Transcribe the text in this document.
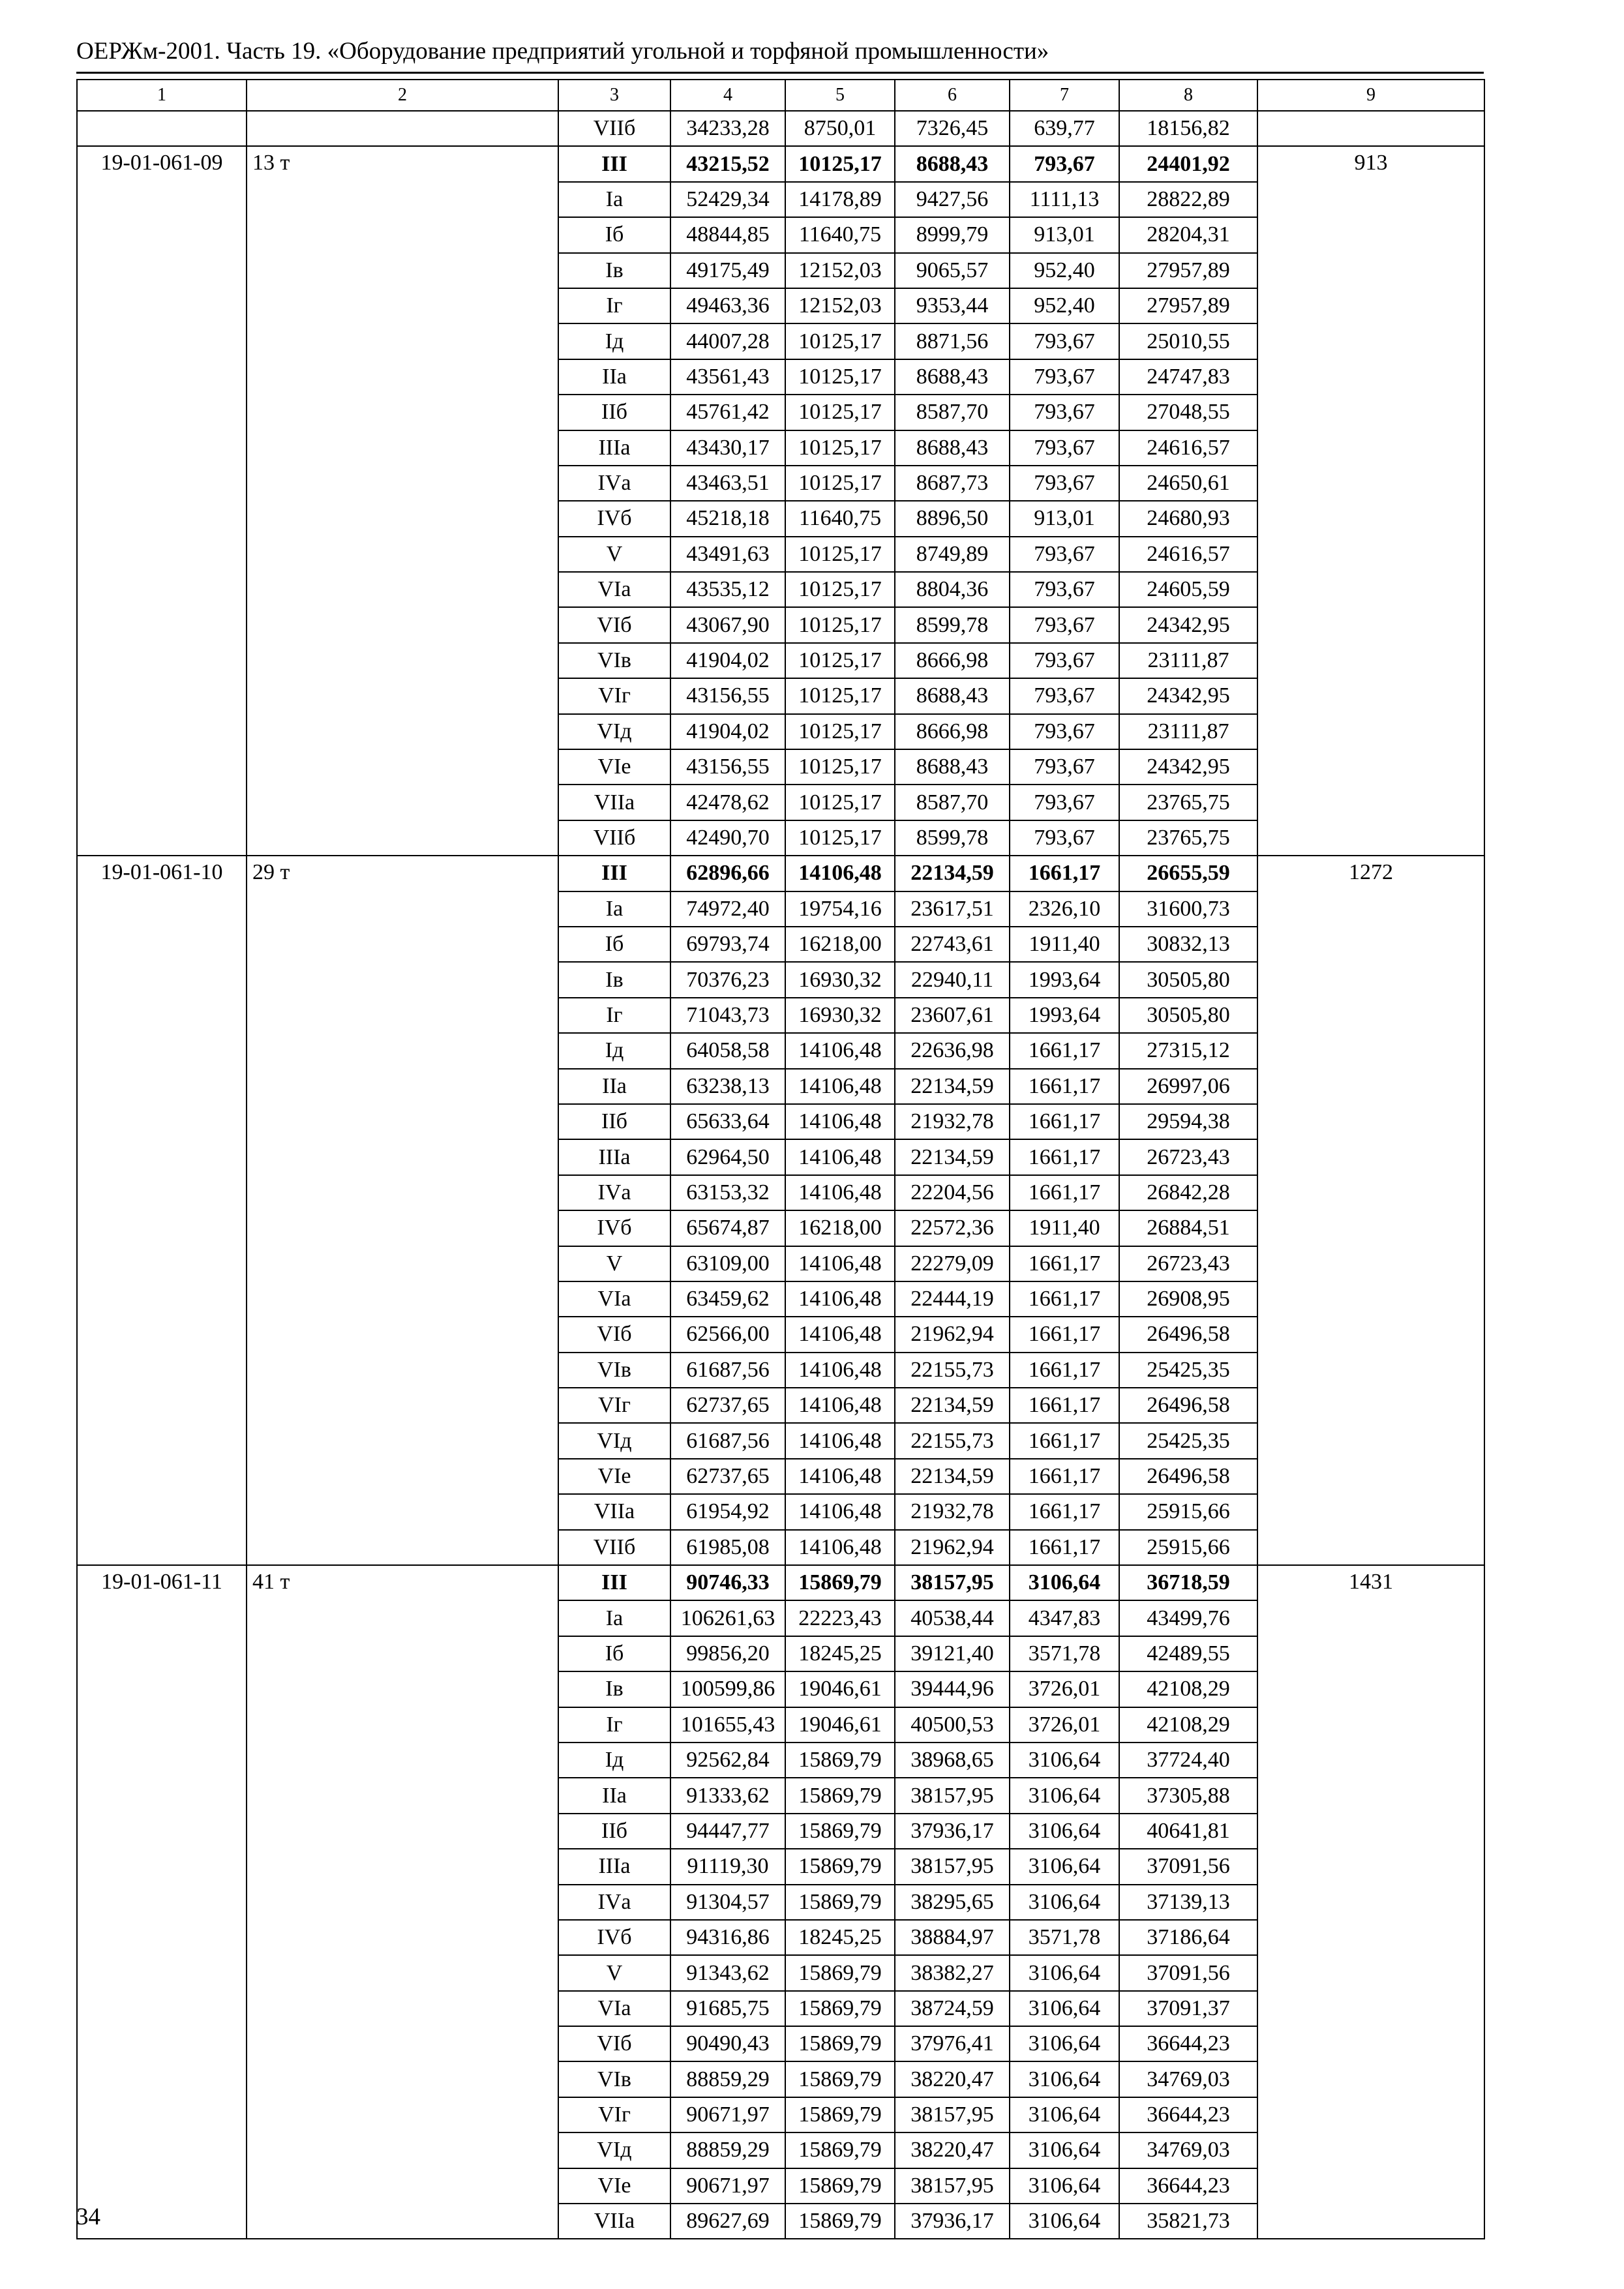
ОЕРЖм-2001. Часть 19. «Оборудование предприятий угольной и торфяной промышленности»
1	2	3	4	5	6	7	8	9
		VIIб	34233,28	8750,01	7326,45	639,77	18156,82	
19-01-061-09	13 т	III	43215,52	10125,17	8688,43	793,67	24401,92	913
		Iа	52429,34	14178,89	9427,56	1111,13	28822,89	
		Iб	48844,85	11640,75	8999,79	913,01	28204,31	
		Iв	49175,49	12152,03	9065,57	952,40	27957,89	
		Iг	49463,36	12152,03	9353,44	952,40	27957,89	
		Iд	44007,28	10125,17	8871,56	793,67	25010,55	
		IIа	43561,43	10125,17	8688,43	793,67	24747,83	
		IIб	45761,42	10125,17	8587,70	793,67	27048,55	
		IIIа	43430,17	10125,17	8688,43	793,67	24616,57	
		IVа	43463,51	10125,17	8687,73	793,67	24650,61	
		IVб	45218,18	11640,75	8896,50	913,01	24680,93	
		V	43491,63	10125,17	8749,89	793,67	24616,57	
		VIа	43535,12	10125,17	8804,36	793,67	24605,59	
		VIб	43067,90	10125,17	8599,78	793,67	24342,95	
		VIв	41904,02	10125,17	8666,98	793,67	23111,87	
		VIг	43156,55	10125,17	8688,43	793,67	24342,95	
		VIд	41904,02	10125,17	8666,98	793,67	23111,87	
		VIе	43156,55	10125,17	8688,43	793,67	24342,95	
		VIIа	42478,62	10125,17	8587,70	793,67	23765,75	
		VIIб	42490,70	10125,17	8599,78	793,67	23765,75	
19-01-061-10	29 т	III	62896,66	14106,48	22134,59	1661,17	26655,59	1272
		Iа	74972,40	19754,16	23617,51	2326,10	31600,73	
		Iб	69793,74	16218,00	22743,61	1911,40	30832,13	
		Iв	70376,23	16930,32	22940,11	1993,64	30505,80	
		Iг	71043,73	16930,32	23607,61	1993,64	30505,80	
		Iд	64058,58	14106,48	22636,98	1661,17	27315,12	
		IIа	63238,13	14106,48	22134,59	1661,17	26997,06	
		IIб	65633,64	14106,48	21932,78	1661,17	29594,38	
		IIIа	62964,50	14106,48	22134,59	1661,17	26723,43	
		IVа	63153,32	14106,48	22204,56	1661,17	26842,28	
		IVб	65674,87	16218,00	22572,36	1911,40	26884,51	
		V	63109,00	14106,48	22279,09	1661,17	26723,43	
		VIа	63459,62	14106,48	22444,19	1661,17	26908,95	
		VIб	62566,00	14106,48	21962,94	1661,17	26496,58	
		VIв	61687,56	14106,48	22155,73	1661,17	25425,35	
		VIг	62737,65	14106,48	22134,59	1661,17	26496,58	
		VIд	61687,56	14106,48	22155,73	1661,17	25425,35	
		VIе	62737,65	14106,48	22134,59	1661,17	26496,58	
		VIIа	61954,92	14106,48	21932,78	1661,17	25915,66	
		VIIб	61985,08	14106,48	21962,94	1661,17	25915,66	
19-01-061-11	41 т	III	90746,33	15869,79	38157,95	3106,64	36718,59	1431
		Iа	106261,63	22223,43	40538,44	4347,83	43499,76	
		Iб	99856,20	18245,25	39121,40	3571,78	42489,55	
		Iв	100599,86	19046,61	39444,96	3726,01	42108,29	
		Iг	101655,43	19046,61	40500,53	3726,01	42108,29	
		Iд	92562,84	15869,79	38968,65	3106,64	37724,40	
		IIа	91333,62	15869,79	38157,95	3106,64	37305,88	
		IIб	94447,77	15869,79	37936,17	3106,64	40641,81	
		IIIа	91119,30	15869,79	38157,95	3106,64	37091,56	
		IVа	91304,57	15869,79	38295,65	3106,64	37139,13	
		IVб	94316,86	18245,25	38884,97	3571,78	37186,64	
		V	91343,62	15869,79	38382,27	3106,64	37091,56	
		VIа	91685,75	15869,79	38724,59	3106,64	37091,37	
		VIб	90490,43	15869,79	37976,41	3106,64	36644,23	
		VIв	88859,29	15869,79	38220,47	3106,64	34769,03	
		VIг	90671,97	15869,79	38157,95	3106,64	36644,23	
		VIд	88859,29	15869,79	38220,47	3106,64	34769,03	
		VIе	90671,97	15869,79	38157,95	3106,64	36644,23	
		VIIа	89627,69	15869,79	37936,17	3106,64	35821,73	
34
